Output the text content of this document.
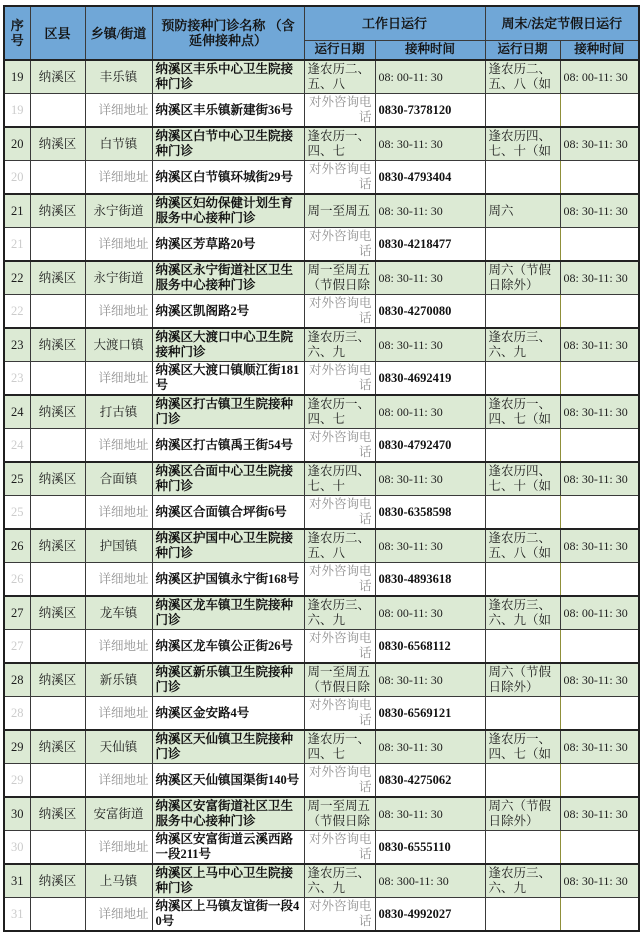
序号	区县	乡镇/街道	预防接种门诊名称 （含延伸接种点）	工作日运行		周末/法定节假日运行	
				运行日期	接种时间	运行日期	接种时间
19	纳溪区	丰乐镇	纳溪区丰乐中心卫生院接种门诊	逢农历二、五、八	08: 00-11: 30	逢农历二、五、八（如	08: 00-11: 30
19		详细地址	纳溪区丰乐镇新建街36号	对外咨询电话	0830-7378120		
20	纳溪区	白节镇	纳溪区白节中心卫生院接种门诊	逢农历一、四、七	08: 30-11: 30	逢农历四、七、十（如	08: 30-11: 30
20		详细地址	纳溪区白节镇环城街29号	对外咨询电话	0830-4793404		
21	纳溪区	永宁街道	纳溪区妇幼保健计划生育服务中心接种门诊	周一至周五	08: 30-11: 30	周六	08: 30-11: 30
21		详细地址	纳溪区芳草路20号	对外咨询电话	0830-4218477		
22	纳溪区	永宁街道	纳溪区永宁街道社区卫生服务中心接种门诊	周一至周五（节假日除	08: 30-11: 30	周六（节假日除外）	08: 30-11: 30
22		详细地址	纳溪区凯阁路2号	对外咨询电话	0830-4270080		
23	纳溪区	大渡口镇	纳溪区大渡口中心卫生院接种门诊	逢农历三、六、九	08: 30-11: 30	逢农历三、六、九	08: 30-11: 30
23		详细地址	纳溪区大渡口镇顺江街181号	对外咨询电话	0830-4692419		
24	纳溪区	打古镇	纳溪区打古镇卫生院接种门诊	逢农历一、四、七	08: 00-11: 30	逢农历一、四、七（如	08: 30-11: 30
24		详细地址	纳溪区打古镇禹王街54号	对外咨询电话	0830-4792470		
25	纳溪区	合面镇	纳溪区合面中心卫生院接种门诊	逢农历四、七、十	08: 30-11: 30	逢农历四、七、十（如	08: 30-11: 30
25		详细地址	纳溪区合面镇合坪街6号	对外咨询电话	0830-6358598		
26	纳溪区	护国镇	纳溪区护国中心卫生院接种门诊	逢农历二、五、八	08: 30-11: 30	逢农历二、五、八（如	08: 30-11: 30
26		详细地址	纳溪区护国镇永宁街168号	对外咨询电话	0830-4893618		
27	纳溪区	龙车镇	纳溪区龙车镇卫生院接种门诊	逢农历三、六、九	08: 00-11: 30	逢农历三、六、九（如	08: 00-11: 30
27		详细地址	纳溪区龙车镇公正街26号	对外咨询电话	0830-6568112		
28	纳溪区	新乐镇	纳溪区新乐镇卫生院接种门诊	周一至周五（节假日除	08: 30-11: 30	周六（节假日除外）	08: 30-11: 30
28		详细地址	纳溪区金安路4号	对外咨询电话	0830-6569121		
29	纳溪区	天仙镇	纳溪区天仙镇卫生院接种门诊	逢农历一、四、七	08: 30-11: 30	逢农历一、四、七（如	08: 30-11: 30
29		详细地址	纳溪区天仙镇国渠街140号	对外咨询电话	0830-4275062		
30	纳溪区	安富街道	纳溪区安富街道社区卫生服务中心接种门诊	周一至周五（节假日除	08: 30-11: 30	周六（节假日除外）	08: 30-11: 30
30		详细地址	纳溪区安富街道云溪西路一段211号	对外咨询电话	0830-6555110		
31	纳溪区	上马镇	纳溪区上马中心卫生院接种门诊	逢农历三、六、九	08: 300-11: 30	逢农历三、六、九	08: 30-11: 30
31		详细地址	纳溪区上马镇友谊街一段40号	对外咨询电话	0830-4992027		
